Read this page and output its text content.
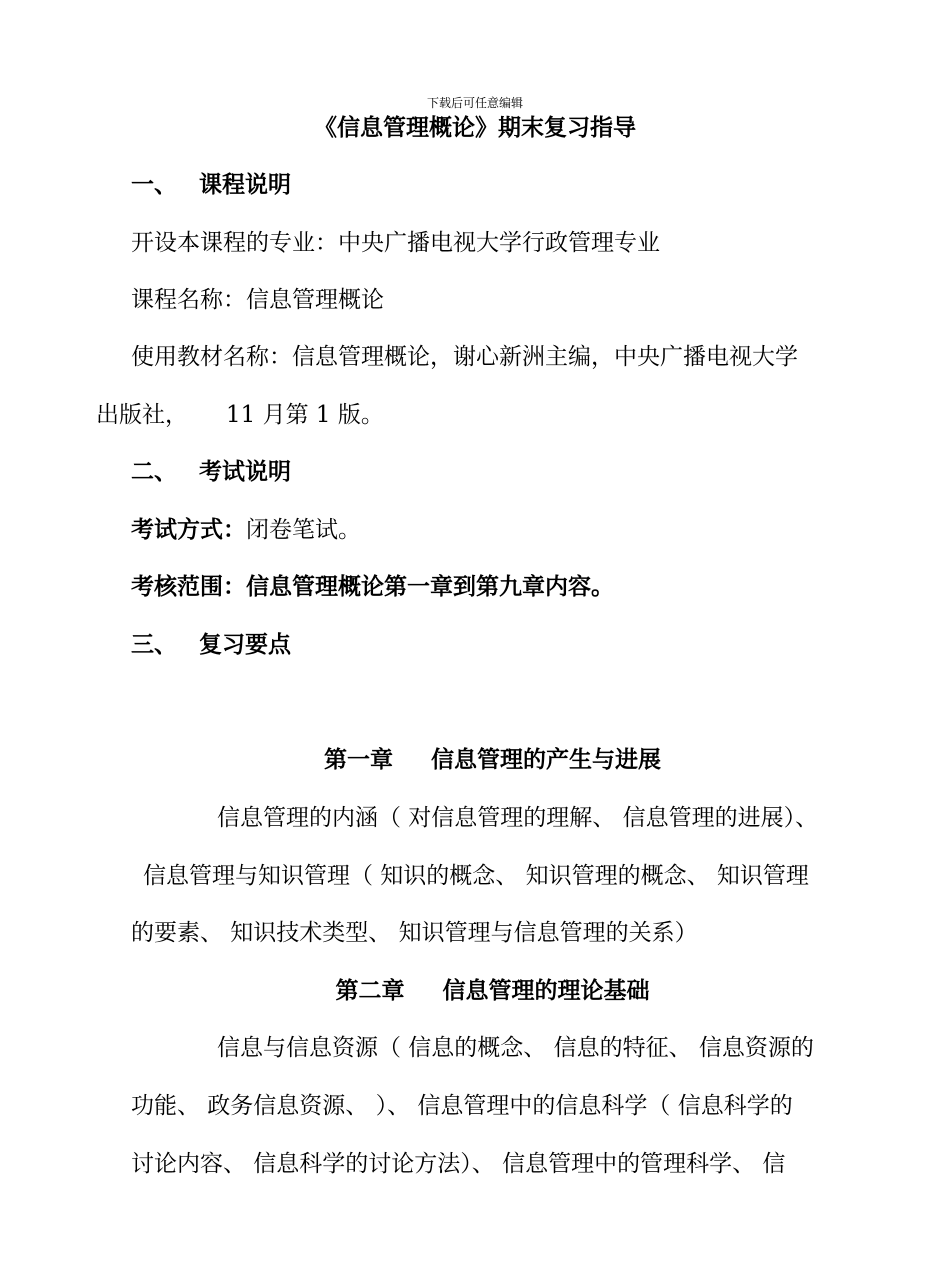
下载后可任意编辑
《信息管理概论》期末复习指导
一、 课程说明
开设本课程的专业：中央广播电视大学行政管理专业
课程名称：信息管理概论
使用教材名称：信息管理概论，谢心新洲主编，中央广播电视大学
出版社， 11 月第 1 版。
二、 考试说明
考试方式：闭卷笔试。
考核范围：信息管理概论第一章到第九章内容。
三、 复习要点
第一章 信息管理的产生与进展
信息管理的内涵（ 对信息管理的理解、 信息管理的进展）、
信息管理与知识管理（ 知识的概念、 知识管理的概念、 知识管理
的要素、 知识技术类型、 知识管理与信息管理的关系）
第二章 信息管理的理论基础
信息与信息资源（ 信息的概念、 信息的特征、 信息资源的
功能、 政务信息资源、 ）、 信息管理中的信息科学（ 信息科学的
讨论内容、 信息科学的讨论方法）、 信息管理中的管理科学、 信
